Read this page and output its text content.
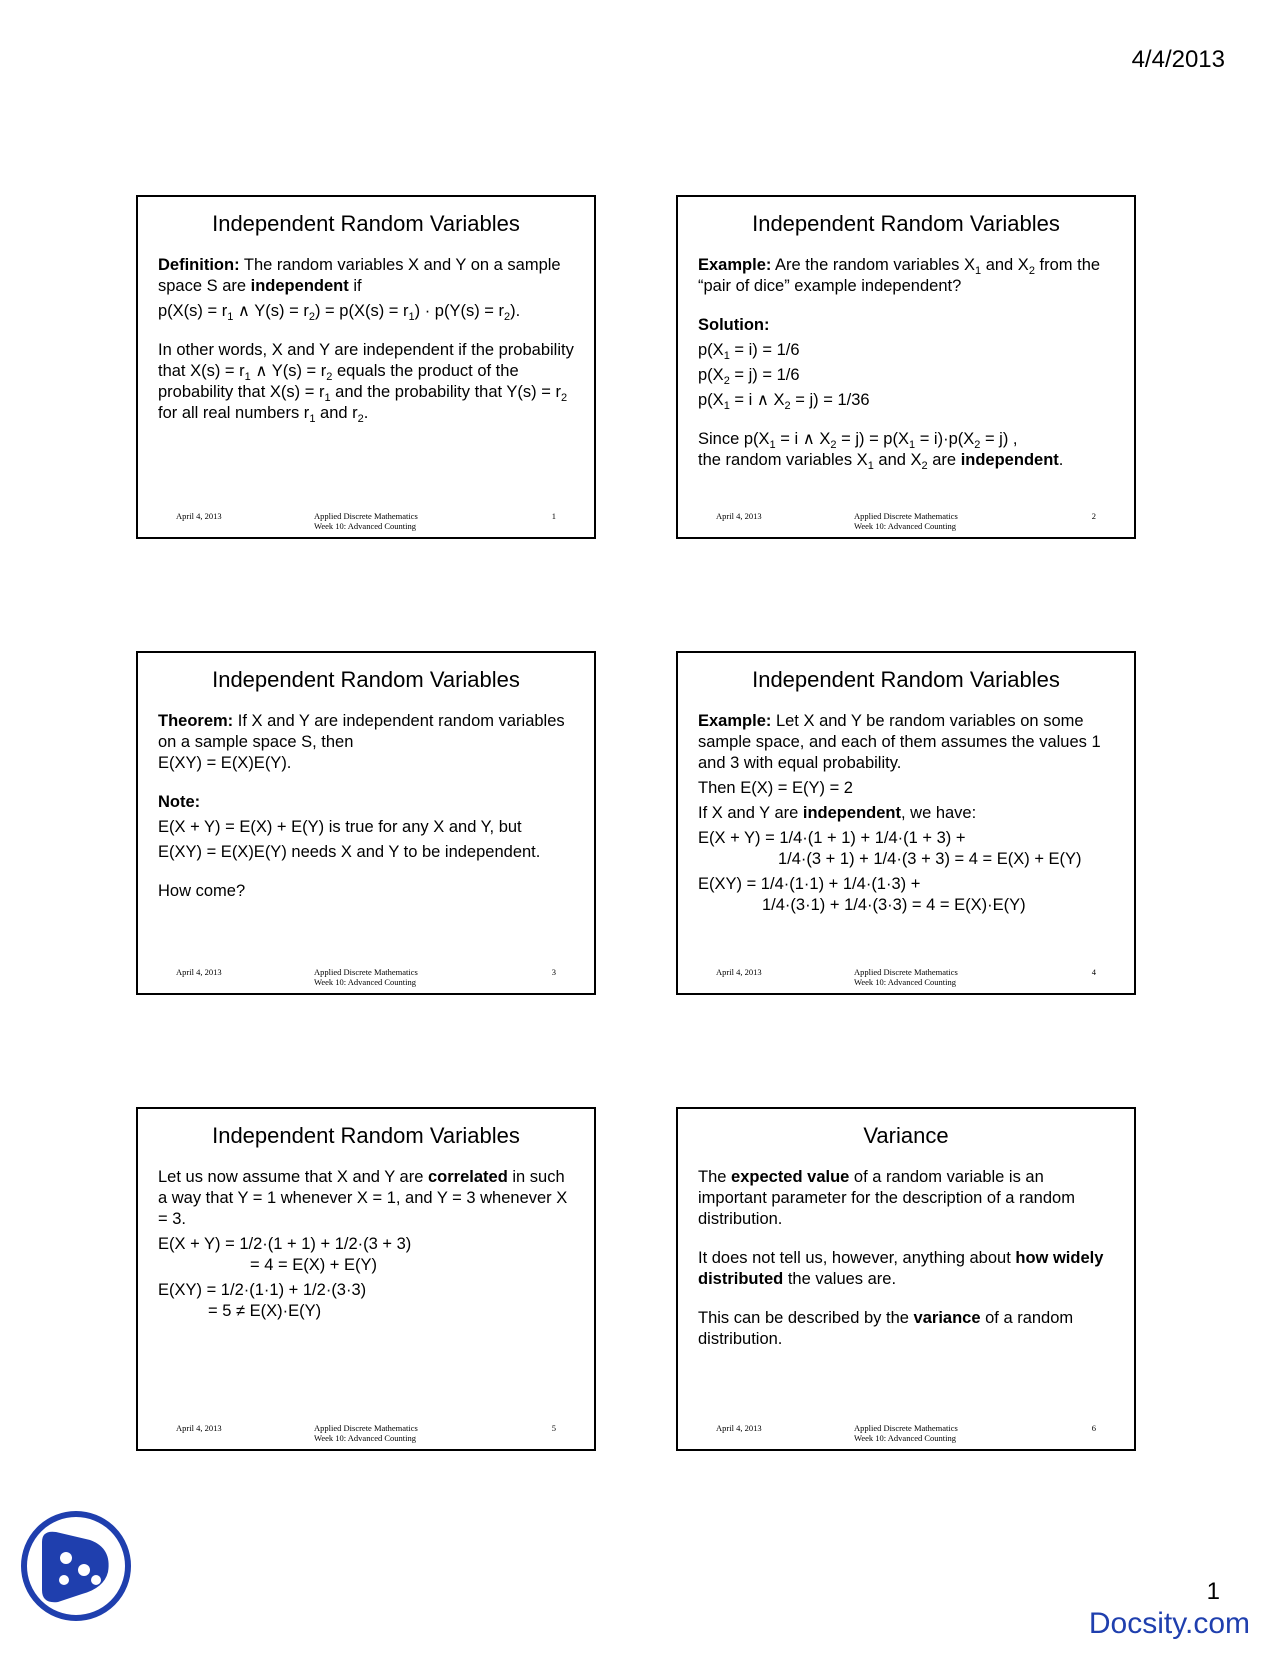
4/4/2013
Independent Random Variables

Definition: The random variables X and Y on a sample space S are independent if

$p(X(s) = r_1$ ∧ $Y(s) = r_2) = p(X(s) = r_1) \cdot p(Y(s) = r_2)$.

In other words, X and Y are independent if the probability that $X(s) = r_1$ ∧ $Y(s) = r_2$ equals the product of the probability that $X(s) = r_1$ and the probability that $Y(s) = r_2$ for all real numbers $r_1$ and $r_2$.

April 4, 2013	Applied Discrete Mathematics
Week 10: Advanced Counting
1
Independent Random Variables

Example: Are the random variables $X_1$ and $X_2$ from the “pair of dice” example independent?

Solution:

$p(X_1 = i) = 1/6$

$p(X_2 = j) = 1/6$

$p(X_1 = i$ ∧ $X_2 = j) = 1/36$

Since $p(X_1 = i$ ∧ $X_2 = j) = p(X_1 = i)\cdot p(X_2 = j)$ ,
the random variables $X_1$ and $X_2$ are independent.

April 4, 2013	Applied Discrete Mathematics
Week 10: Advanced Counting
2
Independent Random Variables

Theorem: If X and Y are independent random variables on a sample space S, then
E(XY) = E(X)E(Y).

Note:

E(X + Y) = E(X) + E(Y) is true for any X and Y, but

E(XY) = E(X)E(Y) needs X and Y to be independent.

How come?

April 4, 2013	Applied Discrete Mathematics
Week 10: Advanced Counting
3
Independent Random Variables

Example: Let X and Y be random variables on some sample space, and each of them assumes the values 1 and 3 with equal probability.

Then E(X) = E(Y) = 2

If X and Y are independent, we have:

E(X + Y) = 1/4·(1 + 1) + 1/4·(1 + 3) +
1/4·(3 + 1) + 1/4·(3 + 3) = 4 = E(X) + E(Y)

E(XY) = 1/4·(1·1) + 1/4·(1·3) +
1/4·(3·1) + 1/4·(3·3) = 4 = E(X)·E(Y)

April 4, 2013	Applied Discrete Mathematics
Week 10: Advanced Counting
4
Independent Random Variables

Let us now assume that X and Y are correlated in such a way that Y = 1 whenever X = 1, and Y = 3 whenever X = 3.

E(X + Y) = 1/2·(1 + 1) + 1/2·(3 + 3)
= 4 = E(X) + E(Y)

E(XY) = 1/2·(1·1) + 1/2·(3·3)
= 5 ≠ E(X)·E(Y)

April 4, 2013	Applied Discrete Mathematics
Week 10: Advanced Counting
5
Variance

The expected value of a random variable is an important parameter for the description of a random distribution.

It does not tell us, however, anything about how widely distributed the values are.

This can be described by the variance of a random distribution.

April 4, 2013	Applied Discrete Mathematics
Week 10: Advanced Counting
6
1
Docsity.com
